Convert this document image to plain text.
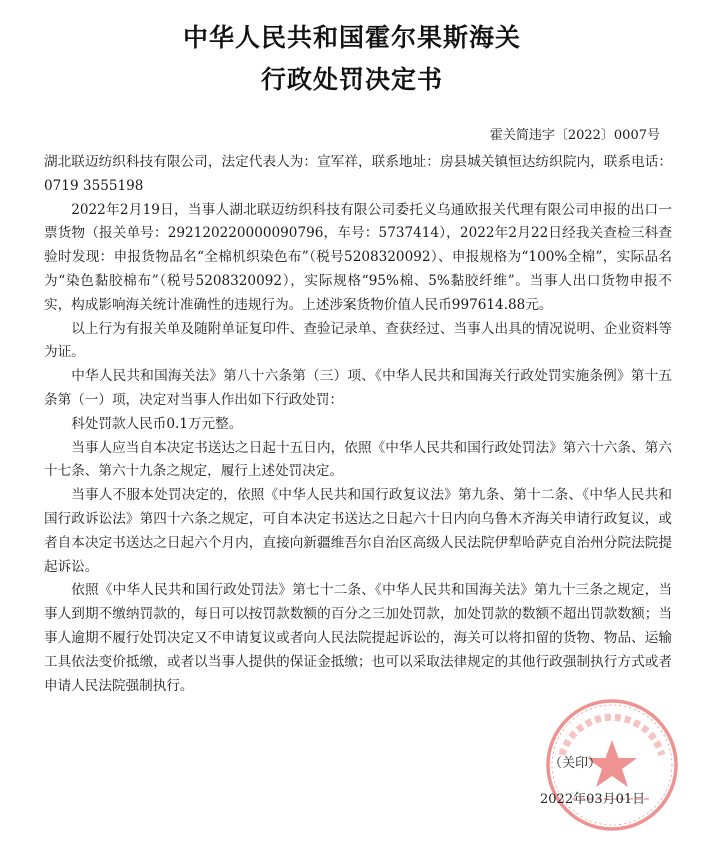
中华人民共和国霍尔果斯海关
行政处罚决定书
霍关简违字〔2022〕0007号

湖北联迈纺织科技有限公司，法定代表人为：宣军祥，联系地址：房县城关镇恒达纺织院内，联系电话：0719 3555198

2022年2月19日，当事人湖北联迈纺织科技有限公司委托义乌通欧报关代理有限公司申报的出口一票货物（报关单号：292120220000090796，车号：5737414），2022年2月22日经我关查检三科查验时发现：申报货物品名“全棉机织染色布”（税号5208320092）、申报规格为“100%全棉”，实际品名为“染色黏胶棉布”（税号5208320092），实际规格“95%棉、5%黏胶纤维”。当事人出口货物申报不实，构成影响海关统计准确性的违规行为。上述涉案货物价值人民币997614.88元。

以上行为有报关单及随附单证复印件、查验记录单、查获经过、当事人出具的情况说明、企业资料等为证。

中华人民共和国海关法》第八十六条第（三）项、《中华人民共和国海关行政处罚实施条例》第十五条第（一）项，决定对当事人作出如下行政处罚：

科处罚款人民币0.1万元整。

当事人应当自本决定书送达之日起十五日内，依照《中华人民共和国行政处罚法》第六十六条、第六十七条、第六十九条之规定，履行上述处罚决定。

当事人不服本处罚决定的，依照《中华人民共和国行政复议法》第九条、第十二条、《中华人民共和国行政诉讼法》第四十六条之规定，可自本决定书送达之日起六十日内向乌鲁木齐海关申请行政复议，或者自本决定书送达之日起六个月内，直接向新疆维吾尔自治区高级人民法院伊犁哈萨克自治州分院法院提起诉讼。

依照《中华人民共和国行政处罚法》第七十二条、《中华人民共和国海关法》第九十三条之规定，当事人到期不缴纳罚款的，每日可以按罚款数额的百分之三加处罚款，加处罚款的数额不超出罚款数额；当事人逾期不履行处罚决定又不申请复议或者向人民法院提起诉讼的，海关可以将扣留的货物、物品、运输工具依法变价抵缴，或者以当事人提供的保证金抵缴；也可以采取法律规定的其他行政强制执行方式或者申请人民法院强制执行。

（关印）
2022年03月01日
